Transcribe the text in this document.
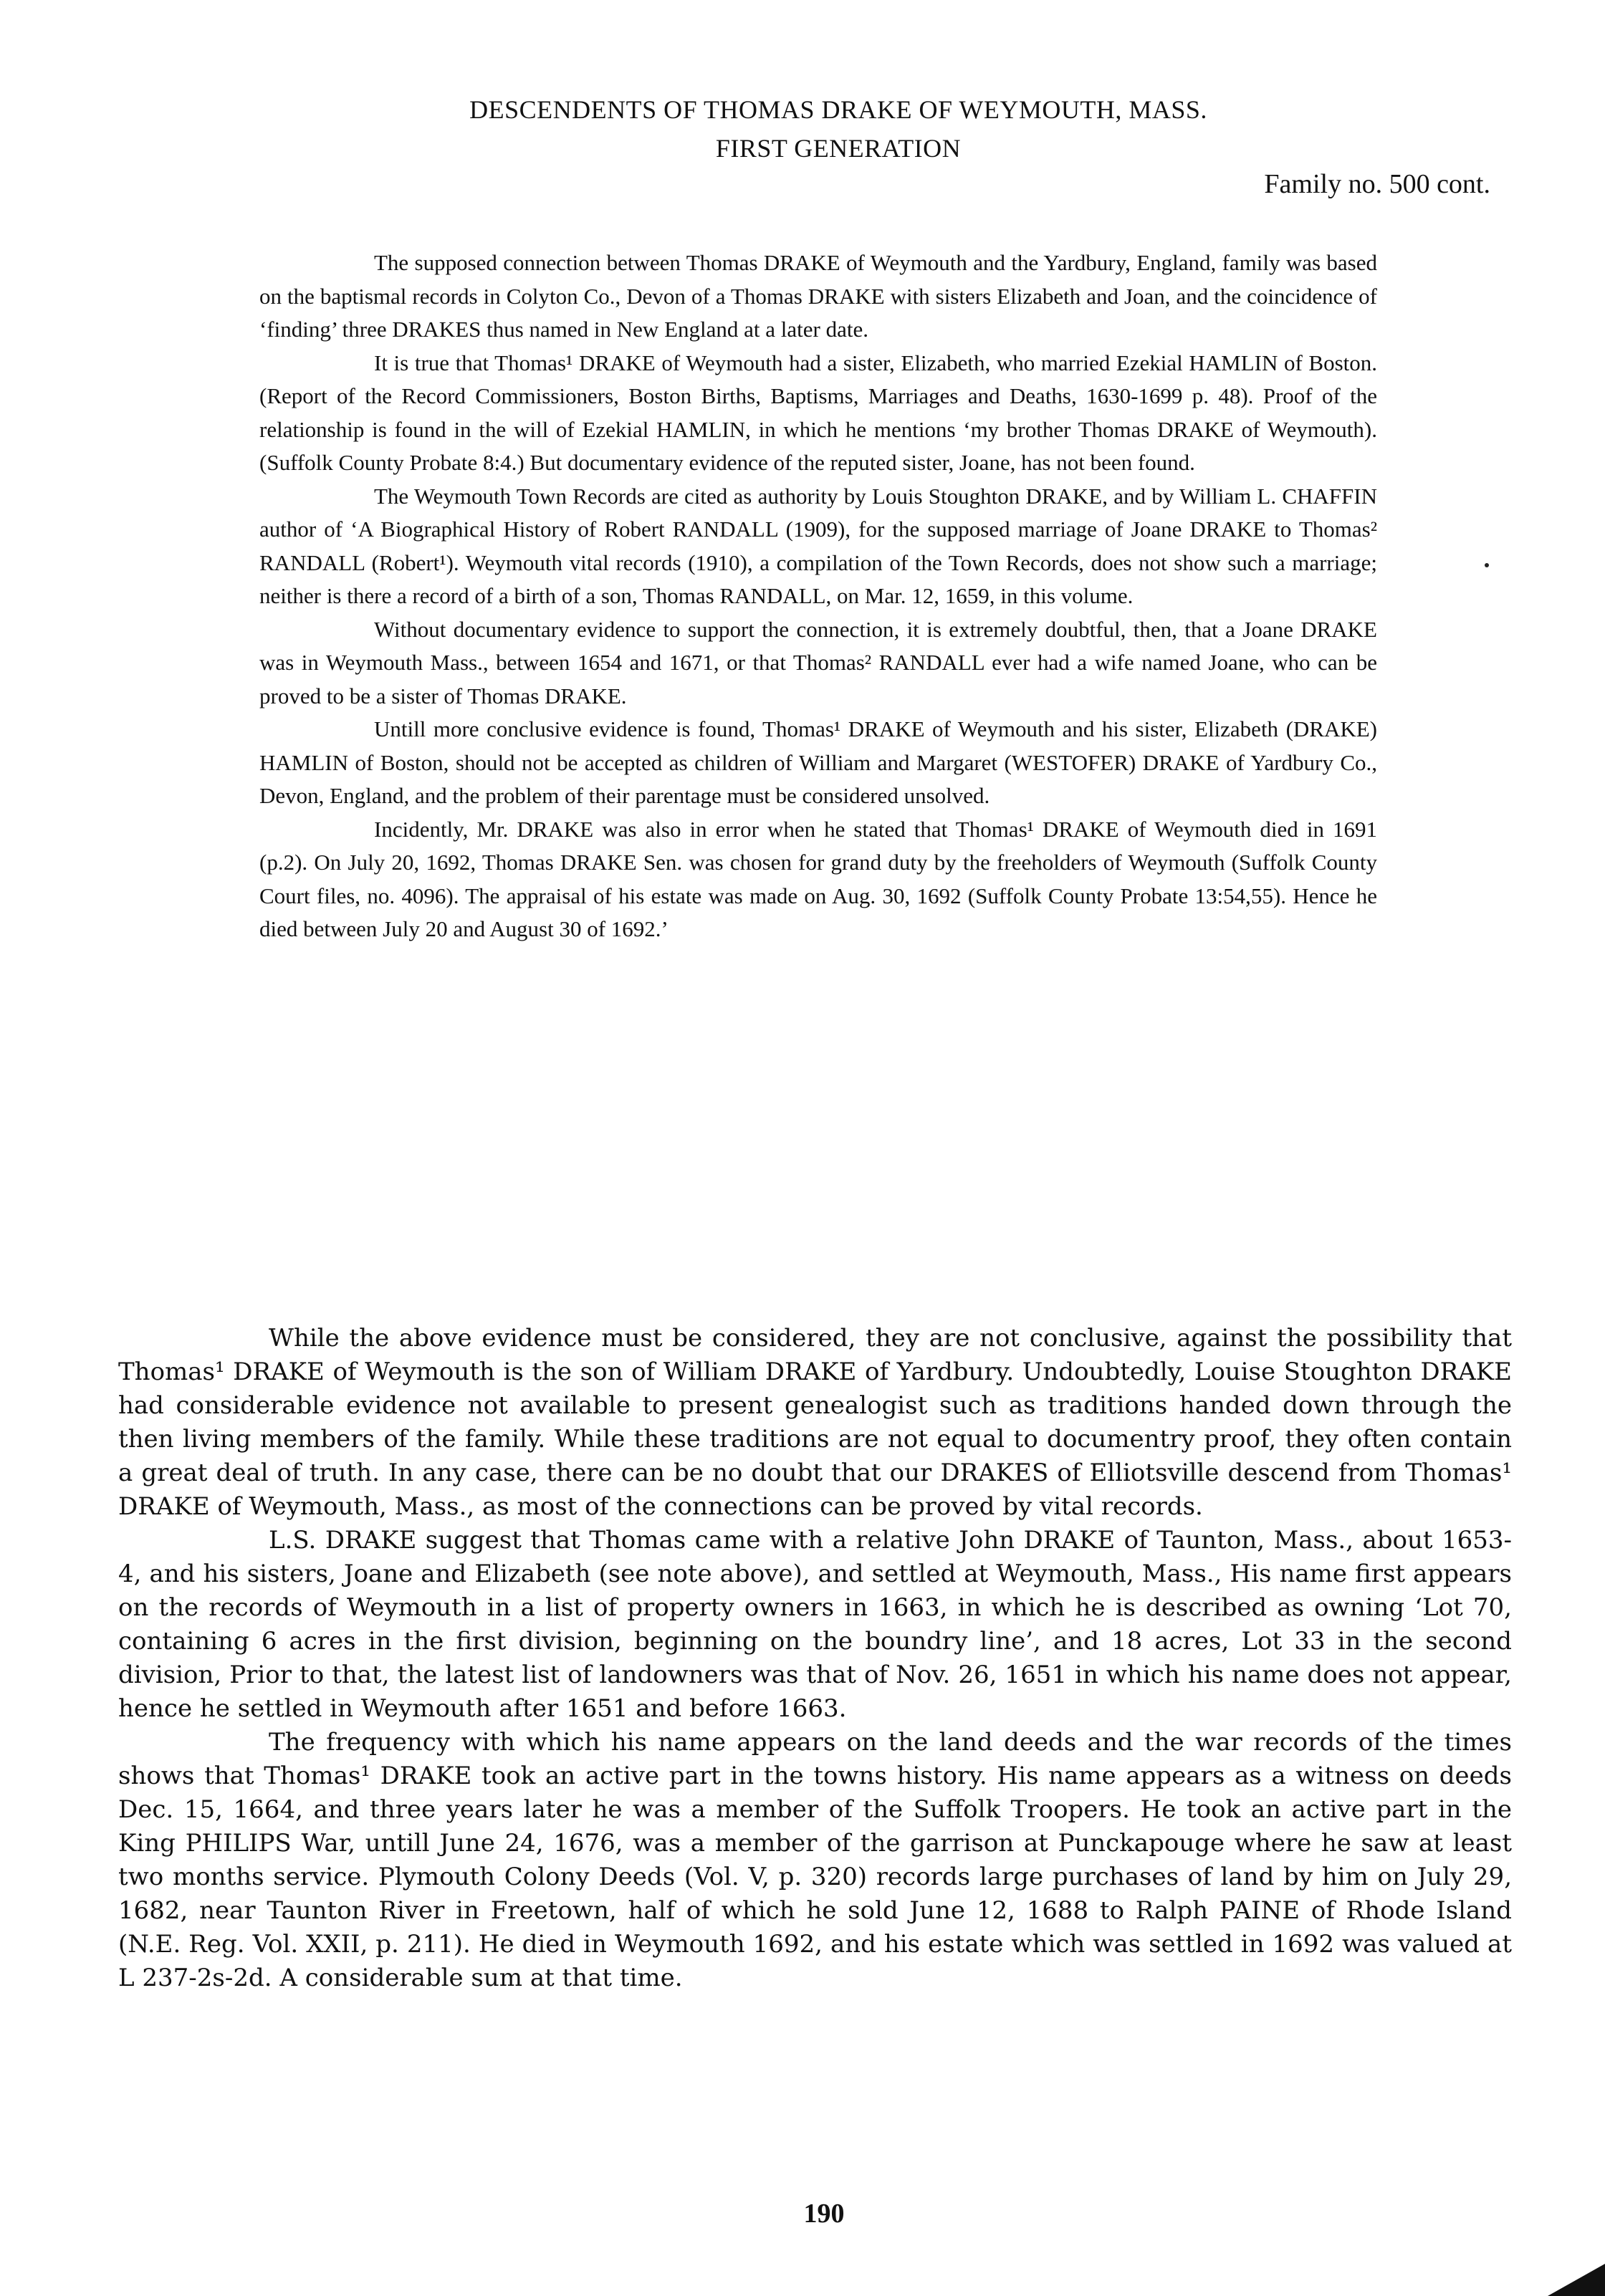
DESCENDENTS OF THOMAS DRAKE OF WEYMOUTH, MASS.
FIRST GENERATION
Family no. 500 cont.

The supposed connection between Thomas DRAKE of Weymouth and the Yardbury, England, family was based on the baptismal records in Colyton Co., Devon of a Thomas DRAKE with sisters Elizabeth and Joan, and the coincidence of ‘finding’ three DRAKES thus named in New England at a later date.

It is true that Thomas¹ DRAKE of Weymouth had a sister, Elizabeth, who married Ezekial HAMLIN of Boston. (Report of the Record Commissioners, Boston Births, Baptisms, Marriages and Deaths, 1630-1699 p. 48). Proof of the relationship is found in the will of Ezekial HAMLIN, in which he mentions ‘my brother Thomas DRAKE of Weymouth). (Suffolk County Probate 8:4.) But documentary evidence of the reputed sister, Joane, has not been found.

The Weymouth Town Records are cited as authority by Louis Stoughton DRAKE, and by William L. CHAFFIN author of ‘A Biographical History of Robert RANDALL (1909), for the supposed marriage of Joane DRAKE to Thomas² RANDALL (Robert¹). Weymouth vital records (1910), a compilation of the Town Records, does not show such a marriage; neither is there a record of a birth of a son, Thomas RANDALL, on Mar. 12, 1659, in this volume.

Without documentary evidence to support the connection, it is extremely doubtful, then, that a Joane DRAKE was in Weymouth Mass., between 1654 and 1671, or that Thomas² RANDALL ever had a wife named Joane, who can be proved to be a sister of Thomas DRAKE.

Untill more conclusive evidence is found, Thomas¹ DRAKE of Weymouth and his sister, Elizabeth (DRAKE) HAMLIN of Boston, should not be accepted as children of William and Margaret (WESTOFER) DRAKE of Yardbury Co., Devon, England, and the problem of their parentage must be considered unsolved.

Incidently, Mr. DRAKE was also in error when he stated that Thomas¹ DRAKE of Weymouth died in 1691 (p.2). On July 20, 1692, Thomas DRAKE Sen. was chosen for grand duty by the freeholders of Weymouth (Suffolk County Court files, no. 4096). The appraisal of his estate was made on Aug. 30, 1692 (Suffolk County Probate 13:54,55). Hence he died between July 20 and August 30 of 1692.’

While the above evidence must be considered, they are not conclusive, against the possibility that Thomas¹ DRAKE of Weymouth is the son of William DRAKE of Yardbury. Undoubtedly, Louise Stoughton DRAKE had considerable evidence not available to present genealogist such as traditions handed down through the then living members of the family. While these traditions are not equal to documentry proof, they often contain a great deal of truth. In any case, there can be no doubt that our DRAKES of Elliotsville descend from Thomas¹ DRAKE of Weymouth, Mass., as most of the connections can be proved by vital records.

L.S. DRAKE suggest that Thomas came with a relative John DRAKE of Taunton, Mass., about 1653-4, and his sisters, Joane and Elizabeth (see note above), and settled at Weymouth, Mass., His name first appears on the records of Weymouth in a list of property owners in 1663, in which he is described as owning ‘Lot 70, containing 6 acres in the first division, beginning on the boundry line’, and 18 acres, Lot 33 in the second division, Prior to that, the latest list of landowners was that of Nov. 26, 1651 in which his name does not appear, hence he settled in Weymouth after 1651 and before 1663.

The frequency with which his name appears on the land deeds and the war records of the times shows that Thomas¹ DRAKE took an active part in the towns history. His name appears as a witness on deeds Dec. 15, 1664, and three years later he was a member of the Suffolk Troopers. He took an active part in the King PHILIPS War, untill June 24, 1676, was a member of the garrison at Punckapouge where he saw at least two months service. Plymouth Colony Deeds (Vol. V, p. 320) records large purchases of land by him on July 29, 1682, near Taunton River in Freetown, half of which he sold June 12, 1688 to Ralph PAINE of Rhode Island (N.E. Reg. Vol. XXII, p. 211). He died in Weymouth 1692, and his estate which was settled in 1692 was valued at L 237-2s-2d. A considerable sum at that time.

190
